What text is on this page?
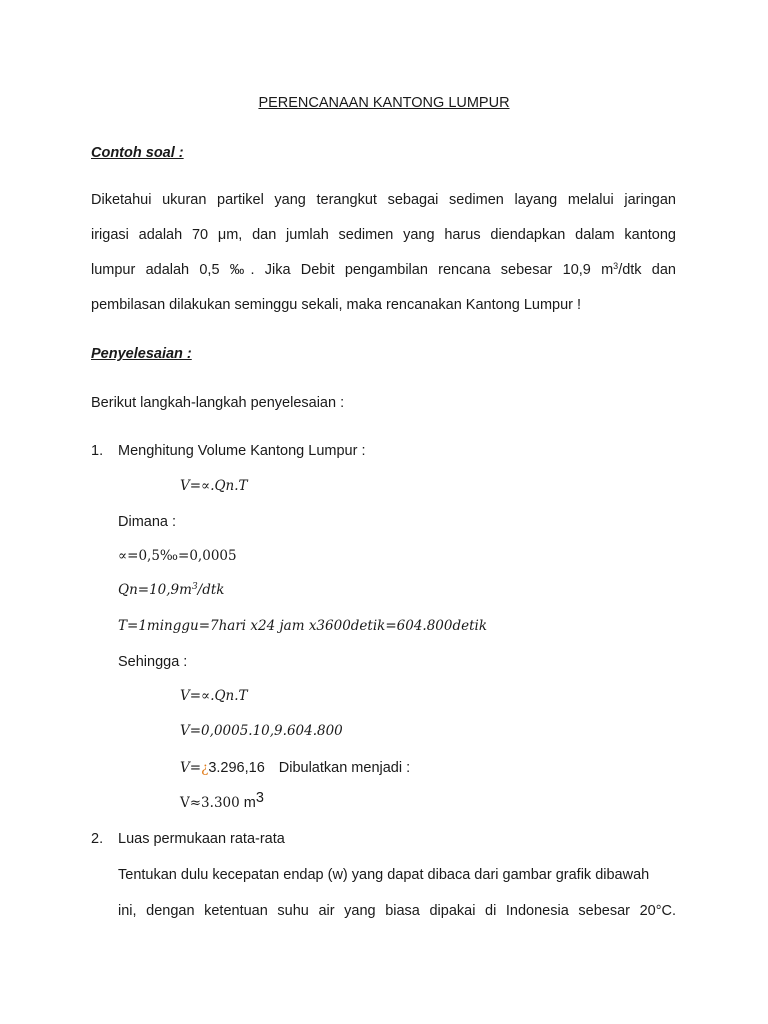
PERENCANAAN KANTONG LUMPUR
Contoh soal :
Diketahui ukuran partikel yang terangkut sebagai sedimen layang melalui jaringan
irigasi adalah 70 μm, dan jumlah sedimen yang harus diendapkan dalam kantong
lumpur adalah 0,5 ‰. Jika Debit pengambilan rencana sebesar 10,9 $m^3$/dtk dan
pembilasan dilakukan seminggu sekali, maka rencanakan Kantong Lumpur !
Penyelesaian :
Berikut langkah-langkah penyelesaian :
1. Menghitung Volume Kantong Lumpur :
V=∝.Qn.T
Dimana :
∝=0,5‰=0,0005
$Qn=10,9m^3$/dtk
T=1minggu=7hari x24 jam x3600detik=604.800detik
Sehingga :
V=∝.Qn.T
V=0,0005.10,9.604.800
V=¿3.296,16 Dibulatkan menjadi :
V≈3.300 $m^3$
2. Luas permukaan rata-rata
Tentukan dulu kecepatan endap (w) yang dapat dibaca dari gambar grafik dibawah
ini, dengan ketentuan suhu air yang biasa dipakai di Indonesia sebesar 20°C.
